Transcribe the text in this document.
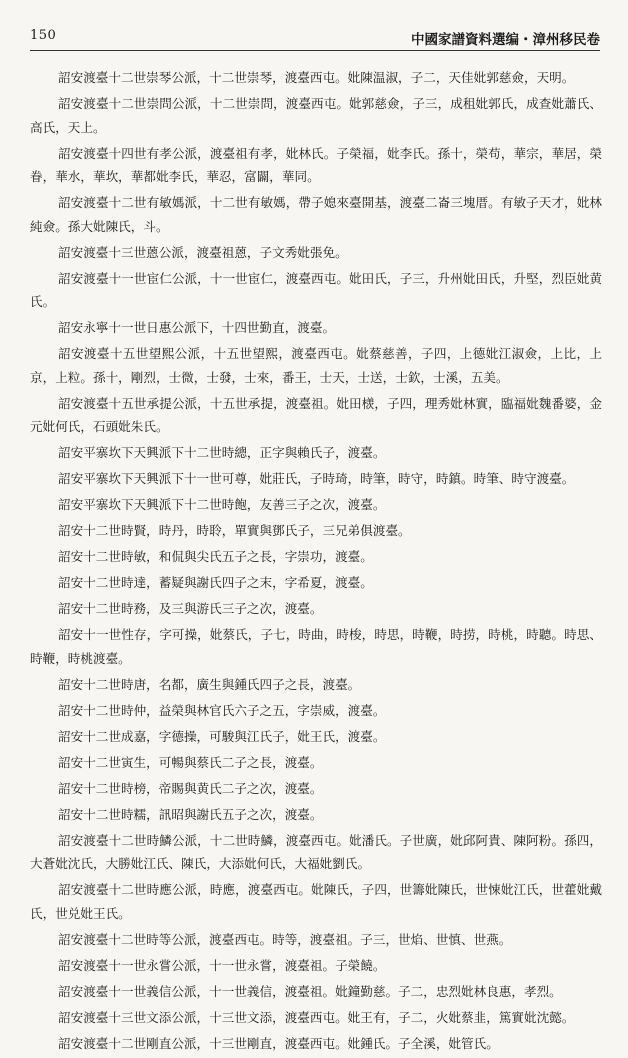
150	中國家譜資料選编・漳州移民卷

詔安渡臺十二世崇琴公派，十二世崇琴，渡臺西屯。妣陳温淑，子二，天佳妣郭慈僉，天明。

詔安渡臺十二世崇問公派，十二世崇問，渡臺西屯。妣郭慈僉，子三，成租妣郭氏，成查妣蕭氏、高氏，天上。

詔安渡臺十四世有孝公派，渡臺祖有孝，妣林氏。子榮福，妣李氏。孫十，榮苟，華宗，華居，榮眷，華水，華坎，華都妣李氏，華忍，富闢，華同。

詔安渡臺十二世有敏媽派，十二世有敏媽，帶子媳來臺開基，渡臺二崙三塊厝。有敏子天才，妣林純僉。孫大妣陳氏，斗。

詔安渡臺十三世蒽公派，渡臺祖蒽，子文秀妣張免。

詔安渡臺十一世宦仁公派，十一世宦仁，渡臺西屯。妣田氏，子三，升州妣田氏，升堅，烈臣妣黄氏。

詔安永寧十一世日惠公派下，十四世勤直，渡臺。

詔安渡臺十五世望熙公派，十五世望熙，渡臺西屯。妣蔡慈善，子四，上德妣江淑僉，上比，上京，上粒。孫十，剛烈，士微，士發，士來，番王，士天，士送，士欽，士溪，五美。

詔安渡臺十五世承提公派，十五世承提，渡臺祖。妣田檨，子四，理秀妣林實，臨福妣魏番婆，金元妣何氏，石頭妣朱氏。

詔安平寨坎下天興派下十二世時總，正字與賴氏子，渡臺。

詔安平寨坎下天興派下十一世可尊，妣莊氏，子時琦，時筆，時守，時鎮。時筆、時守渡臺。

詔安平寨坎下天興派下十二世時飽，友善三子之次，渡臺。

詔安十二世時賢，時丹，時聆，單實與鄧氏子，三兄弟俱渡臺。

詔安十二世時敏，和侃與尖氏五子之長，字崇功，渡臺。

詔安十二世時達，蓄疑與謝氏四子之末，字希夏，渡臺。

詔安十二世時務，及三與游氏三子之次，渡臺。

詔安十一世性存，字可操，妣蔡氏，子七，時曲，時梭，時思，時鞭，時捞，時桃，時聽。時思、時鞭，時桃渡臺。

詔安十二世時唐，名都，廣生與鍾氏四子之長，渡臺。

詔安十二世時仲，益榮與林官氏六子之五，字崇威，渡臺。

詔安十二世成嘉，字德操，可駿與江氏子，妣王氏，渡臺。

詔安十二世寅生，可暢與蔡氏二子之長，渡臺。

詔安十二世時榜，帝賜與黄氏二子之次，渡臺。

詔安十二世時糯，訊昭與謝氏五子之次，渡臺。

詔安渡臺十二世時鱗公派，十二世時鱗，渡臺西屯。妣潘氏。子世廣，妣邱阿貴、陳阿粉。孫四，大蒼妣沈氏，大勝妣江氏、陳氏，大添妣何氏，大福妣劉氏。

詔安渡臺十二世時應公派，時應，渡臺西屯。妣陳氏，子四，世籌妣陳氏，世悚妣江氏，世藿妣戴氏，世兑妣王氏。

詔安渡臺十二世時等公派，渡臺西屯。時等，渡臺祖。子三，世焰、世慎、世燕。

詔安渡臺十一世永嘗公派，十一世永嘗，渡臺祖。子榮饒。

詔安渡臺十一世義信公派，十一世義信，渡臺祖。妣鐘勤慈。子二，忠烈妣林良惠，孝烈。

詔安渡臺十三世文添公派，十三世文添，渡臺西屯。妣王有，子二，火妣蔡韭，篤實妣沈懿。

詔安渡臺十二世剛直公派，十三世剛直，渡臺西屯。妣鍾氏。子全溪，妣管氏。
